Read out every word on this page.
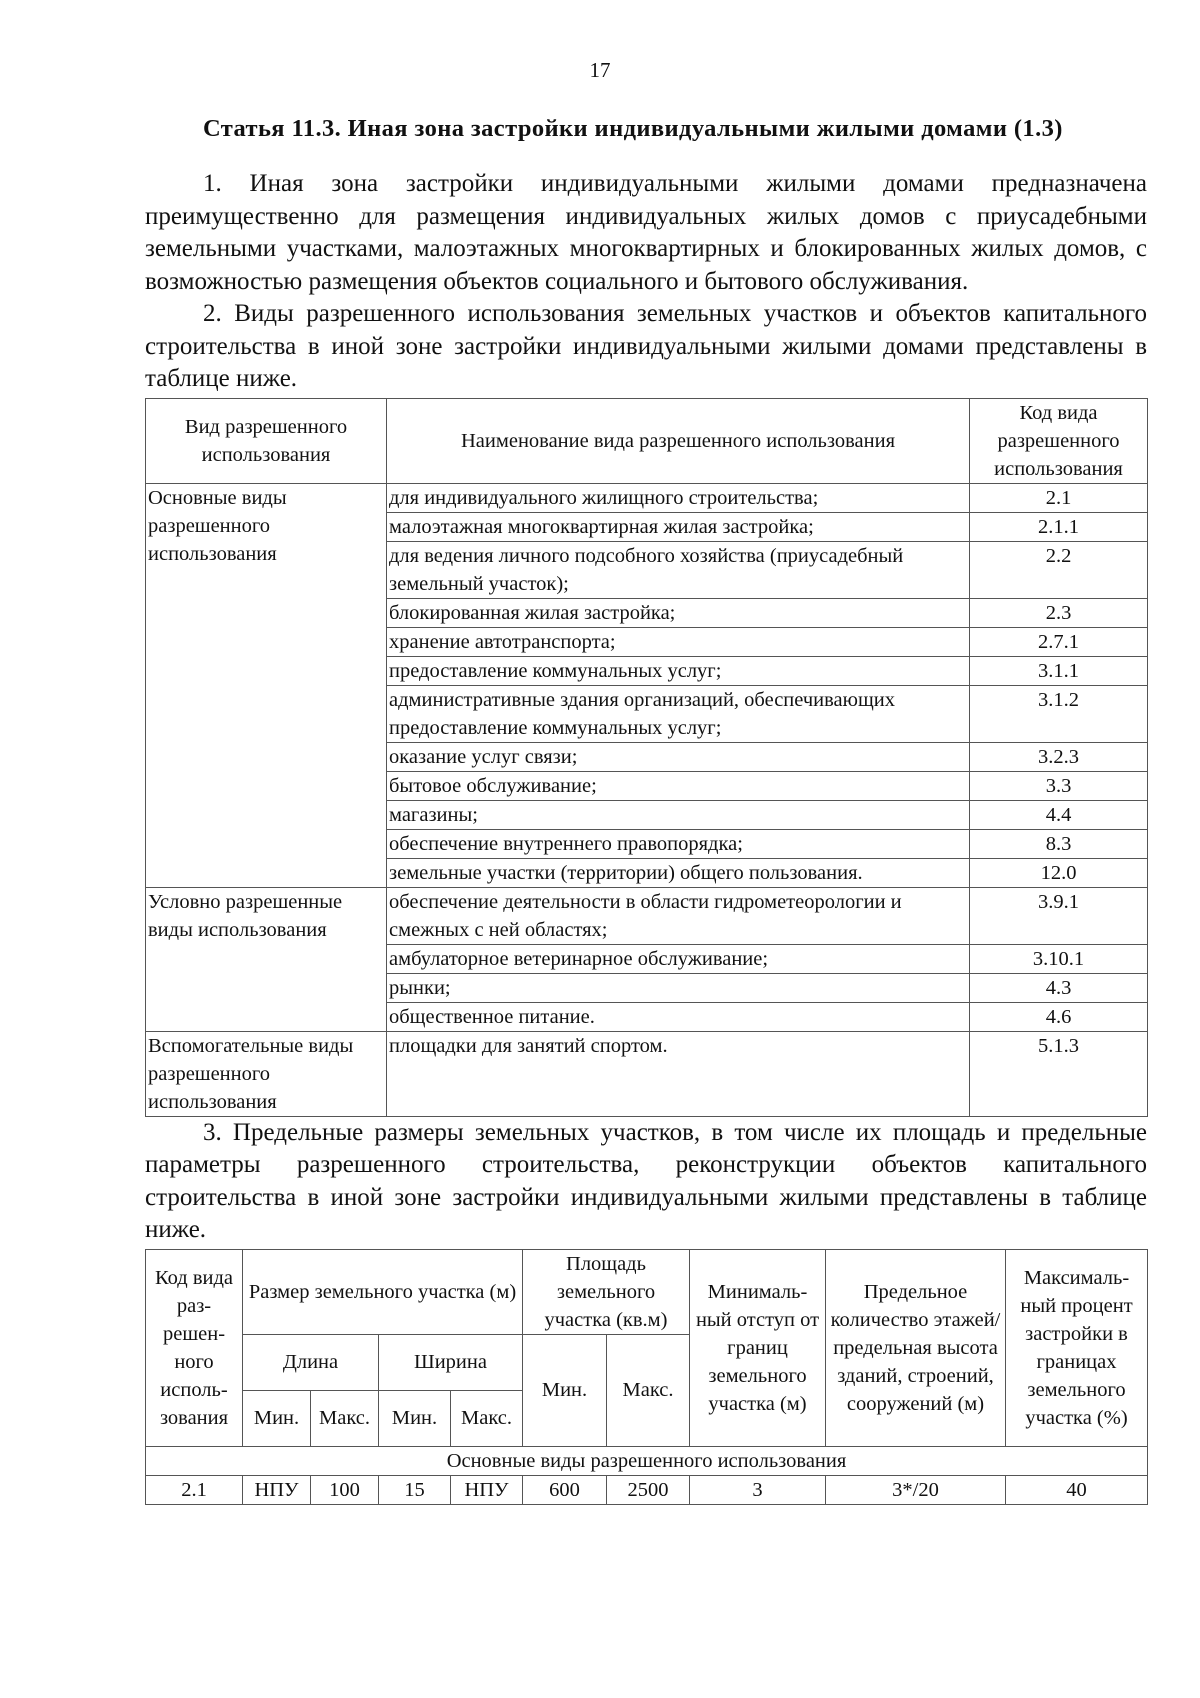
17
Статья 11.3. Иная зона застройки индивидуальными жилыми домами (1.3)

1. Иная зона застройки индивидуальными жилыми домами предназначена преимущественно для размещения индивидуальных жилых домов с приусадебными земельными участками, малоэтажных многоквартирных и блокированных жилых домов, с возможностью размещения объектов социального и бытового обслуживания.

2. Виды разрешенного использования земельных участков и объектов капитального строительства в иной зоне застройки индивидуальными жилыми домами представлены в таблице ниже.

Вид разрешенного использования	Наименование вида разрешенного использования	Код вида разрешенного использования
Основные виды разрешенного использования	для индивидуального жилищного строительства;	2.1
	малоэтажная многоквартирная жилая застройка;	2.1.1
	для ведения личного подсобного хозяйства (приусадебный земельный участок);	2.2
	блокированная жилая застройка;	2.3
	хранение автотранспорта;	2.7.1
	предоставление коммунальных услуг;	3.1.1
	административные здания организаций, обеспечивающих предоставление коммунальных услуг;	3.1.2
	оказание услуг связи;	3.2.3
	бытовое обслуживание;	3.3
	магазины;	4.4
	обеспечение внутреннего правопорядка;	8.3
	земельные участки (территории) общего пользования.	12.0
Условно разрешенные виды использования	обеспечение деятельности в области гидрометеорологии и смежных с ней областях;	3.9.1
	амбулаторное ветеринарное обслуживание;	3.10.1
	рынки;	4.3
	общественное питание.	4.6
Вспомогательные виды разрешенного использования	площадки для занятий спортом.	5.1.3

3. Предельные размеры земельных участков, в том числе их площадь и предельные параметры разрешенного строительства, реконструкции объектов капитального строительства в иной зоне застройки индивидуальными жилыми представлены в таблице ниже.

Код вида раз-решен-ного исполь-зования	Размер земельного участка (м)				Площадь земельного участка (кв.м)		Минималь-ный отступ от границ земельного участка (м)	Предельное количество этажей/ предельная высота зданий, строений, сооружений (м)	Максималь-ный процент застройки в границах земельного участка (%)
	Длина		Ширина		Мин.	Макс.			
	Мин.	Макс.	Мин.	Макс.					
Основные виды разрешенного использования									
2.1	НПУ	100	15	НПУ	600	2500	3	3*/20	40
